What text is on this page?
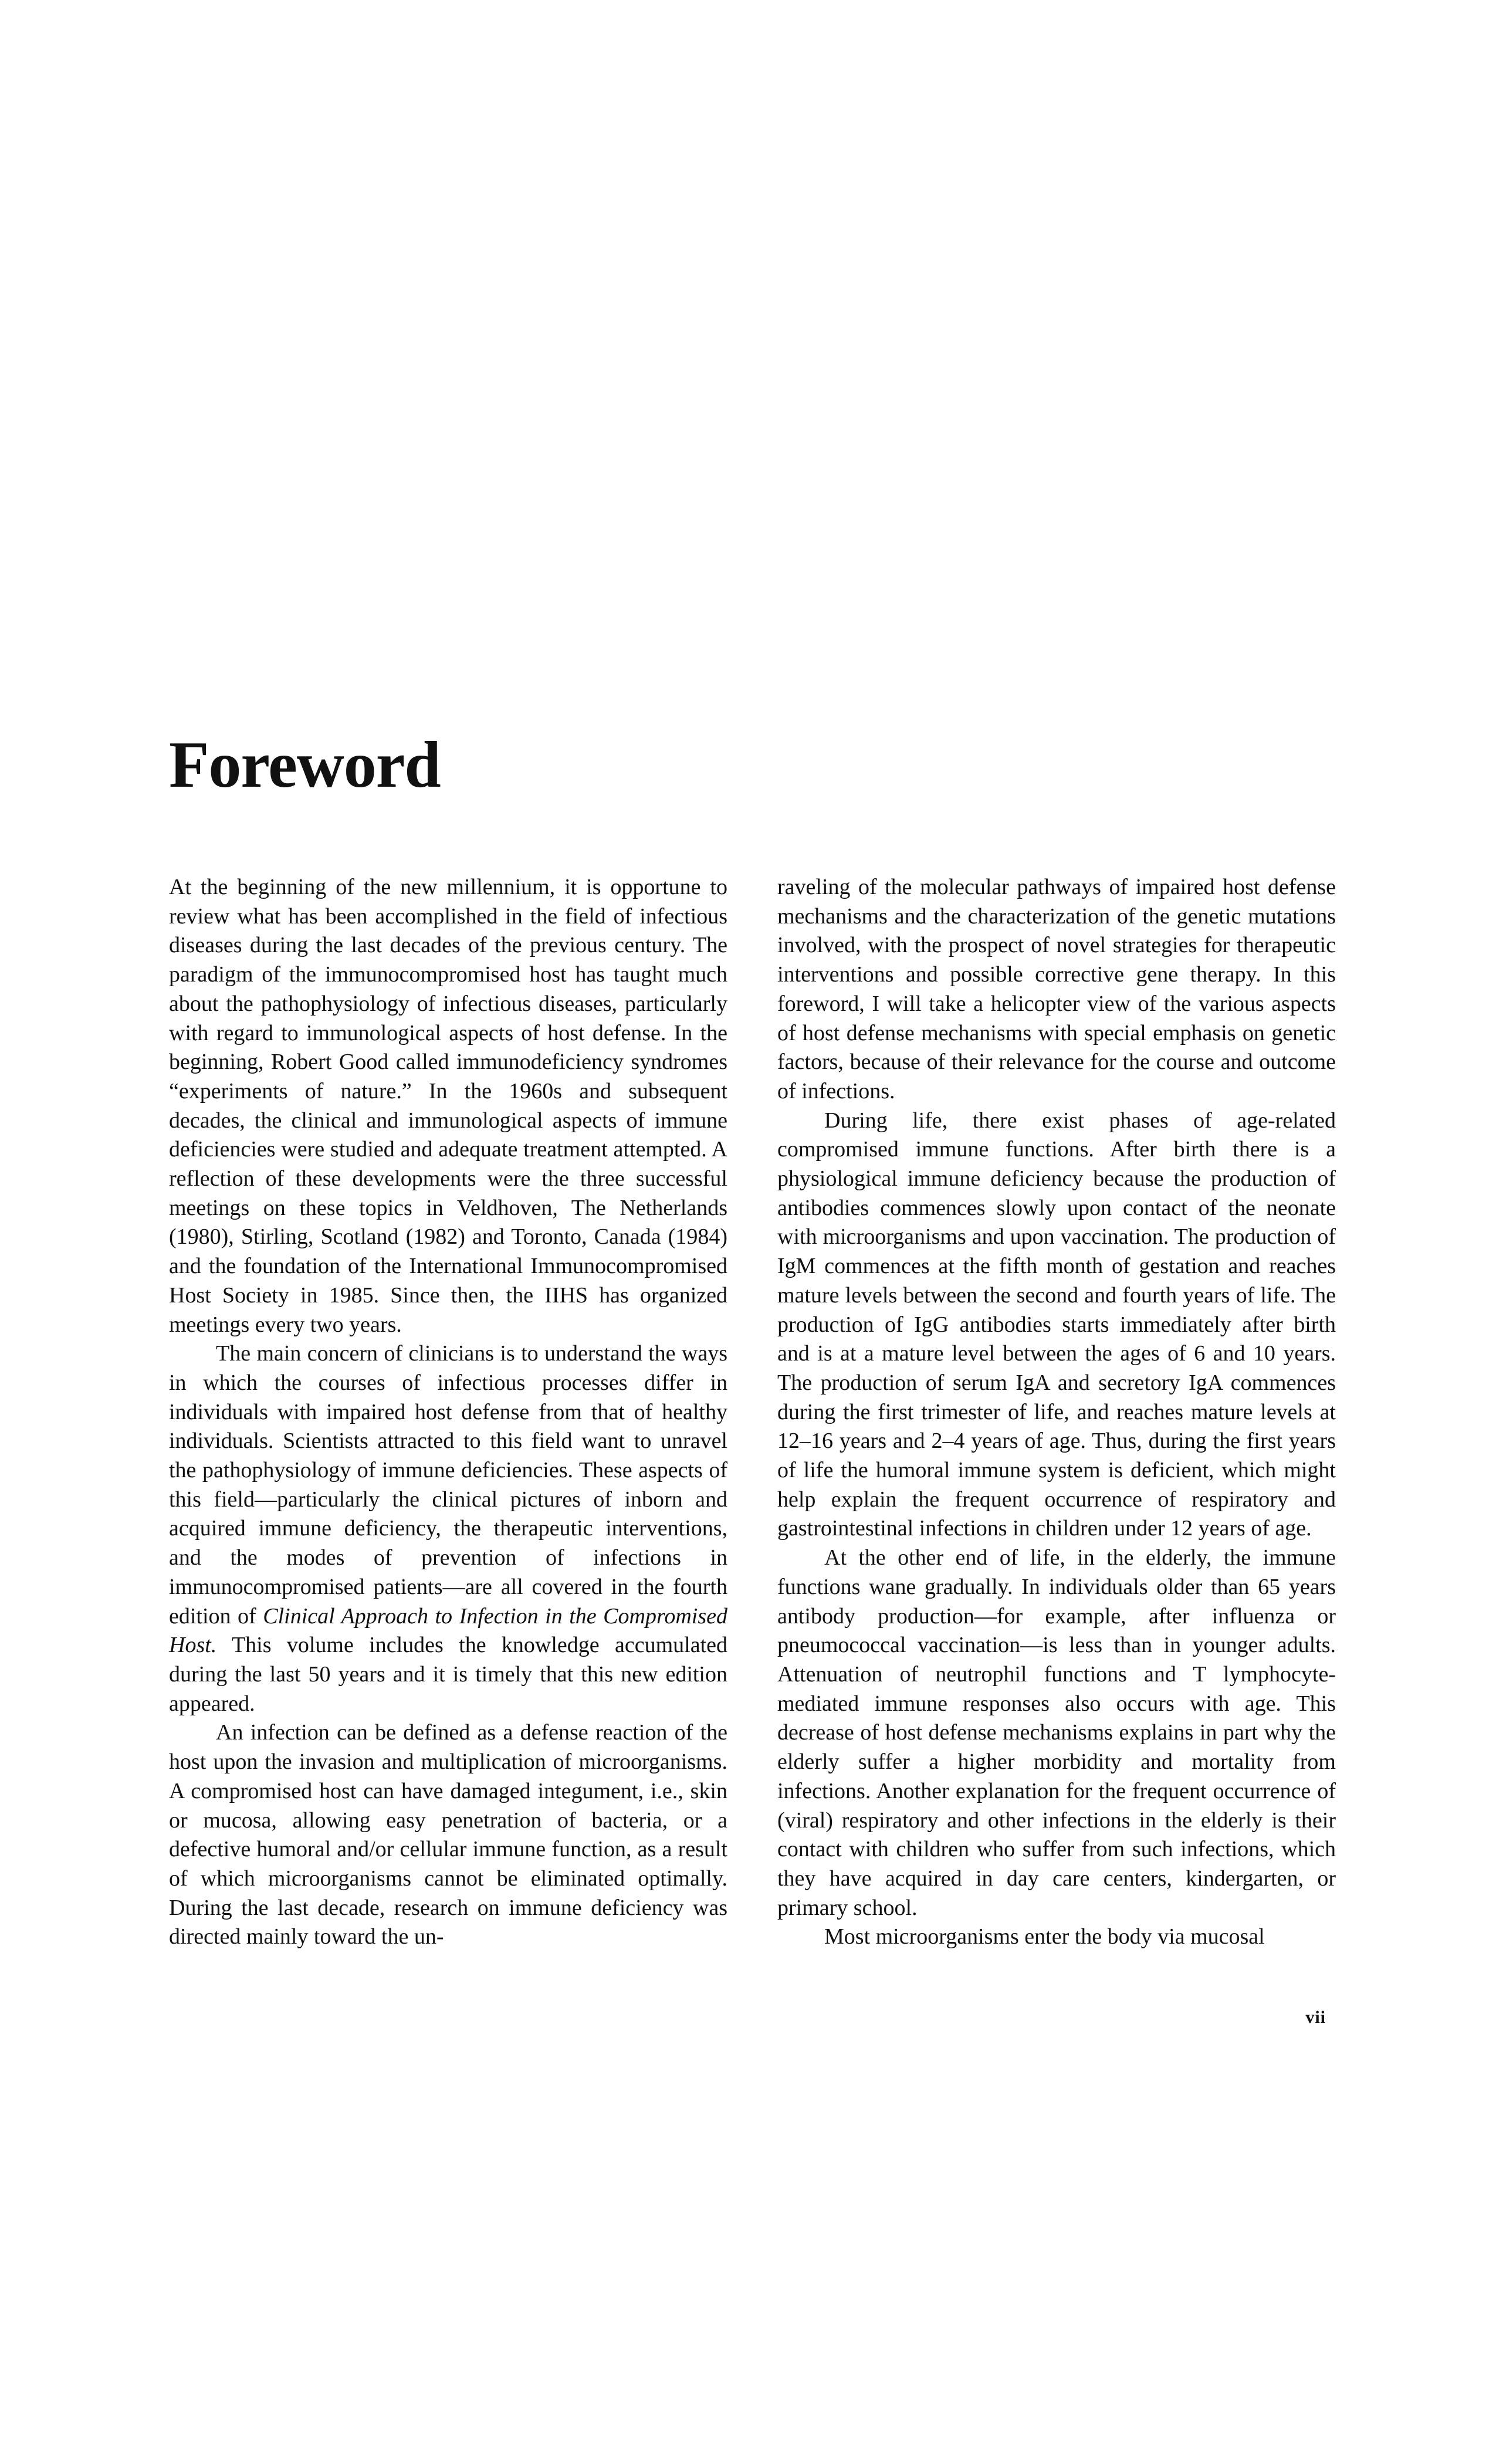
Foreword

At the beginning of the new millennium, it is opportune to review what has been accomplished in the field of infectious diseases during the last decades of the previous century. The paradigm of the immunocompromised host has taught much about the pathophysiology of infectious diseases, particularly with regard to immunological aspects of host defense. In the beginning, Robert Good called immunodeficiency syndromes “experiments of nature.” In the 1960s and subsequent decades, the clinical and immunological aspects of immune deficiencies were studied and adequate treatment attempted. A reflection of these developments were the three successful meetings on these topics in Veldhoven, The Netherlands (1980), Stirling, Scotland (1982) and Toronto, Canada (1984) and the foundation of the International Immunocompromised Host Society in 1985. Since then, the IIHS has organized meetings every two years.

The main concern of clinicians is to understand the ways in which the courses of infectious processes differ in individuals with impaired host defense from that of healthy individuals. Scientists attracted to this field want to unravel the pathophysiology of immune deficiencies. These aspects of this field—particularly the clinical pictures of inborn and acquired immune deficiency, the therapeutic interventions, and the modes of prevention of infections in immunocompromised patients—are all covered in the fourth edition of Clinical Approach to Infection in the Compromised Host. This volume includes the knowledge accumulated during the last 50 years and it is timely that this new edition appeared.

An infection can be defined as a defense reaction of the host upon the invasion and multiplication of microorganisms. A compromised host can have damaged integument, i.e., skin or mucosa, allowing easy penetration of bacteria, or a defective humoral and/or cellular immune function, as a result of which microorganisms cannot be eliminated optimally. During the last decade, research on immune deficiency was directed mainly toward the un-

raveling of the molecular pathways of impaired host defense mechanisms and the characterization of the genetic mutations involved, with the prospect of novel strategies for therapeutic interventions and possible corrective gene therapy. In this foreword, I will take a helicopter view of the various aspects of host defense mechanisms with special emphasis on genetic factors, because of their relevance for the course and outcome of infections.

During life, there exist phases of age-related compromised immune functions. After birth there is a physiological immune deficiency because the production of antibodies commences slowly upon contact of the neonate with microorganisms and upon vaccination. The production of IgM commences at the fifth month of gestation and reaches mature levels between the second and fourth years of life. The production of IgG antibodies starts immediately after birth and is at a mature level between the ages of 6 and 10 years. The production of serum IgA and secretory IgA commences during the first trimester of life, and reaches mature levels at 12–16 years and 2–4 years of age. Thus, during the first years of life the humoral immune system is deficient, which might help explain the frequent occurrence of respiratory and gastrointestinal infections in children under 12 years of age.

At the other end of life, in the elderly, the immune functions wane gradually. In individuals older than 65 years antibody production—for example, after influenza or pneumococcal vaccination—is less than in younger adults. Attenuation of neutrophil functions and T lymphocyte-mediated immune responses also occurs with age. This decrease of host defense mechanisms explains in part why the elderly suffer a higher morbidity and mortality from infections. Another explanation for the frequent occurrence of (viral) respiratory and other infections in the elderly is their contact with children who suffer from such infections, which they have acquired in day care centers, kindergarten, or primary school.

Most microorganisms enter the body via mucosal

vii
